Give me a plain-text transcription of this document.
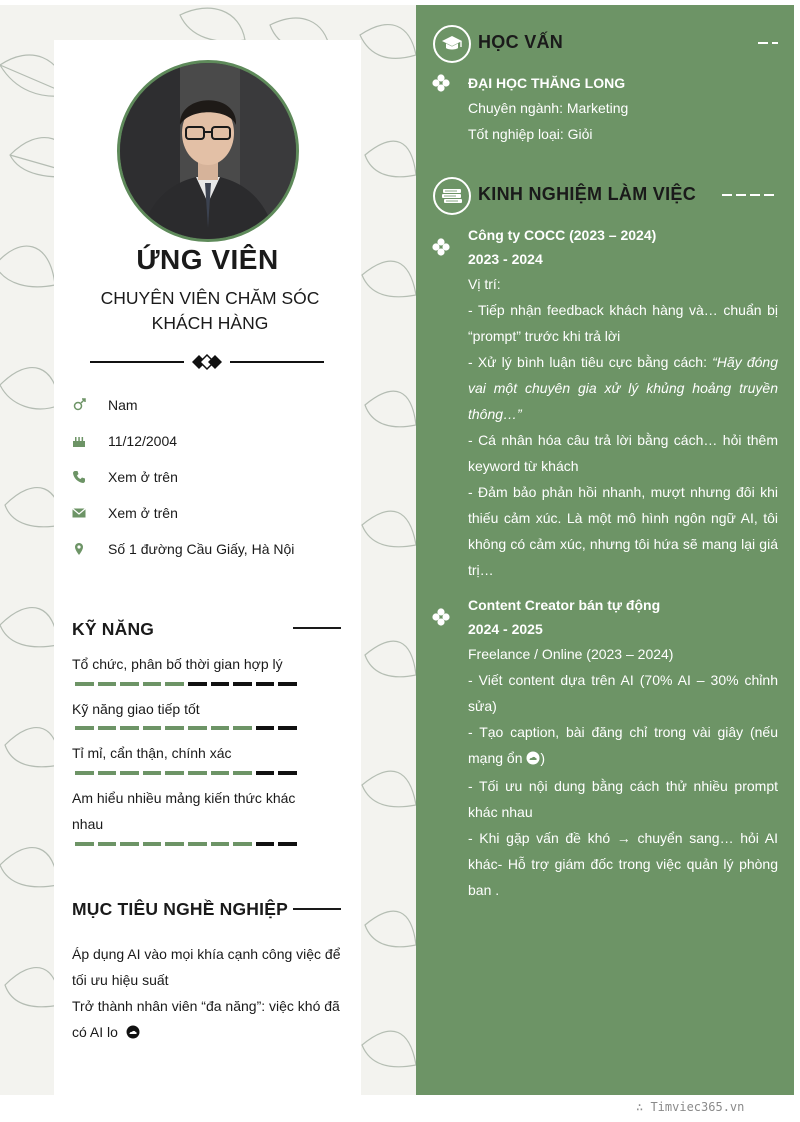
ỨNG VIÊN
CHUYÊN VIÊN CHĂM SÓC KHÁCH HÀNG
Nam
11/12/2004
Xem ở trên
Xem ở trên
Số 1 đường Cầu Giấy, Hà Nội
KỸ NĂNG
Tổ chức, phân bố thời gian hợp lý
Kỹ năng giao tiếp tốt
Tỉ mỉ, cẩn thận, chính xác
Am hiểu nhiều mảng kiến thức khác nhau
MỤC TIÊU NGHỀ NGHIỆP
Áp dụng AI vào mọi khía cạnh công việc để tối ưu hiệu suất
Trở thành nhân viên “đa năng”: việc khó đã có AI lo
HỌC VẤN
ĐẠI HỌC THĂNG LONG
Chuyên ngành: Marketing
Tốt nghiệp loại: Giỏi
KINH NGHIỆM LÀM VIỆC
Công ty COCC (2023 – 2024)
2023 - 2024
Vị trí:
- Tiếp nhận feedback khách hàng và… chuẩn bị “prompt” trước khi trả lời
- Xử lý bình luận tiêu cực bằng cách: “Hãy đóng vai một chuyên gia xử lý khủng hoảng truyền thông…”
- Cá nhân hóa câu trả lời bằng cách… hỏi thêm keyword từ khách
- Đảm bảo phản hồi nhanh, mượt nhưng đôi khi thiếu cảm xúc. Là một mô hình ngôn ngữ AI, tôi không có cảm xúc, nhưng tôi hứa sẽ mang lại giá trị…
Content Creator bán tự động
2024 - 2025
Freelance / Online (2023 – 2024)
- Viết content dựa trên AI (70% AI – 30% chỉnh sửa)
- Tạo caption, bài đăng chỉ trong vài giây (nếu mạng ổn )
- Tối ưu nội dung bằng cách thử nhiều prompt khác nhau
- Khi gặp vấn đề khó → chuyển sang… hỏi AI khác- Hỗ trợ giám đốc trong việc quản lý phòng ban .
∴ Timviec365.vn
